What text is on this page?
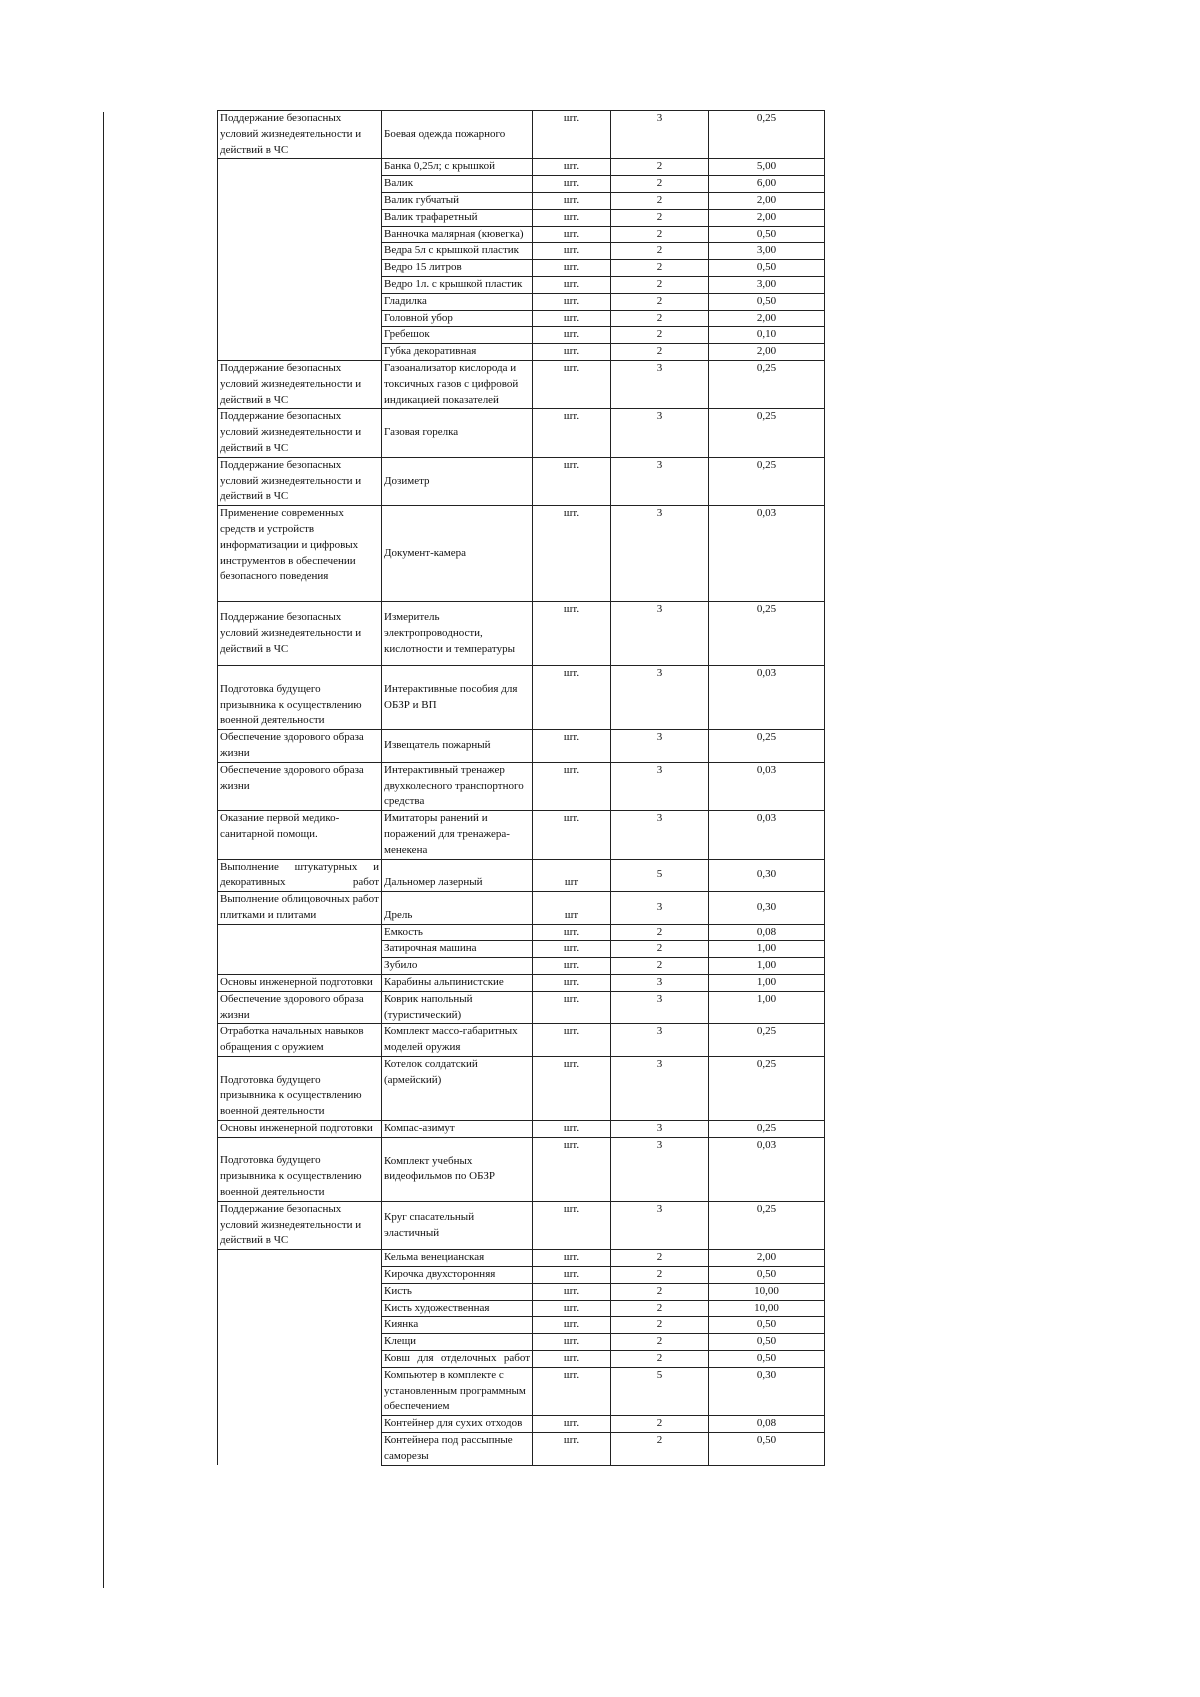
Поддержание безопасных условий жизнедеятельности и действий в ЧС	Боевая одежда пожарного	шт.	3	0,25
	Банка 0,25л; с крышкой	шт.	2	5,00
	Валик	шт.	2	6,00
	Валик губчатый	шт.	2	2,00
	Валик трафаретный	шт.	2	2,00
	Ванночка малярная (кювегка)	шт.	2	0,50
	Ведра 5л с крышкой пластик	шт.	2	3,00
	Ведро 15 литров	шт.	2	0,50
	Ведро 1л. с крышкой пластик	шт.	2	3,00
	Гладилка	шт.	2	0,50
	Головной убор	шт.	2	2,00
	Гребешок	шт.	2	0,10
	Губка декоративная	шт.	2	2,00
Поддержание безопасных условий жизнедеятельности и действий в ЧС	Газоанализатор кислорода и токсичных газов с цифровой индикацией показателей	шт.	3	0,25
Поддержание безопасных условий жизнедеятельности и действий в ЧС	Газовая горелка	шт.	3	0,25
Поддержание безопасных условий жизнедеятельности и действий в ЧС	Дозиметр	шт.	3	0,25
Применение современных средств и устройств информатизации и цифровых инструментов в обеспечении безопасного поведения	Документ-камера	шт.	3	0,03
Поддержание безопасных условий жизнедеятельности и действий в ЧС	Измеритель электропроводности, кислотности и температуры	шт.	3	0,25
Подготовка будущего призывника к осуществлению военной деятельности	Интерактивные пособия для ОБЗР и ВП	шт.	3	0,03
Обеспечение здорового образа жизни	Извещатель пожарный	шт.	3	0,25
Обеспечение здорового образа жизни	Интерактивный тренажер двухколесного транспортного средства	шт.	3	0,03
Оказание первой медико-санитарной помощи.	Имитаторы ранений и поражений для тренажера-менекена	шт.	3	0,03
Выполнение штукатурных и декоративных работ	Дальномер лазерный	шт	5	0,30
Выполнение облицовочных работ плитками и плитами	Дрель	шт	3	0,30
	Емкость	шт.	2	0,08
	Затирочная машина	шт.	2	1,00
	Зубило	шт.	2	1,00
Основы инженерной подготовки	Карабины альпинистские	шт.	3	1,00
Обеспечение здорового образа жизни	Коврик напольный (туристический)	шт.	3	1,00
Отработка начальных навыков обращения с оружием	Комплект массо-габаритных моделей оружия	шт.	3	0,25
Подготовка будущего призывника к осуществлению военной деятельности	Котелок солдатский (армейский)	шт.	3	0,25
Основы инженерной подготовки	Компас-азимут	шт.	3	0,25
Подготовка будущего призывника к осуществлению военной деятельности	Комплект учебных видеофильмов по ОБЗР	шт.	3	0,03
Поддержание безопасных условий жизнедеятельности и действий в ЧС	Круг спасательный эластичный	шт.	3	0,25
	Кельма венецианская	шт.	2	2,00
	Кирочка двухсторонняя	шт.	2	0,50
	Кисть	шт.	2	10,00
	Кисть художественная	шт.	2	10,00
	Киянка	шт.	2	0,50
	Клещи	шт.	2	0,50
	Ковш для отделочных работ	шт.	2	0,50
	Компьютер в комплекте с установленным программным обеспечением	шт.	5	0,30
	Контейнер для сухих отходов	шт.	2	0,08
	Контейнера под рассыпные саморезы	шт.	2	0,50
